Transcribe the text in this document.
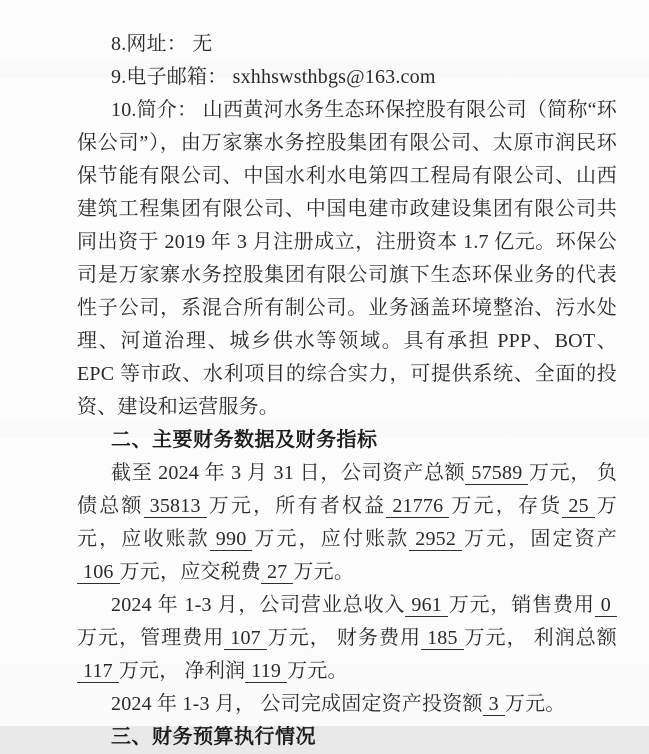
8.网址： 无

9.电子邮箱： sxhhswsthbgs@163.com

10.简介： 山西黄河水务生态环保控股有限公司（简称“环保公司”），由万家寨水务控股集团有限公司、太原市润民环保节能有限公司、中国水利水电第四工程局有限公司、山西建筑工程集团有限公司、中国电建市政建设集团有限公司共同出资于 2019 年 3 月注册成立，注册资本 1.7 亿元。环保公司是万家寨水务控股集团有限公司旗下生态环保业务的代表性子公司，系混合所有制公司。业务涵盖环境整治、污水处理、河道治理、城乡供水等领域。具有承担 PPP、BOT、EPC 等市政、水利项目的综合实力，可提供系统、全面的投资、建设和运营服务。

二、主要财务数据及财务指标

截至 2024 年 3 月 31 日，公司资产总额 57589 万元， 负债总额 35813 万元，所有者权益 21776 万元，存货 25 万元，应收账款 990 万元，应付账款 2952 万元，固定资产106 万元，应交税费 27 万元。

2024 年 1-3 月，公司营业总收入 961 万元，销售费用 0万元，管理费用 107 万元， 财务费用 185 万元， 利润总额117 万元， 净利润 119 万元。

2024 年 1-3 月， 公司完成固定资产投资额 3 万元。

三、财务预算执行情况
